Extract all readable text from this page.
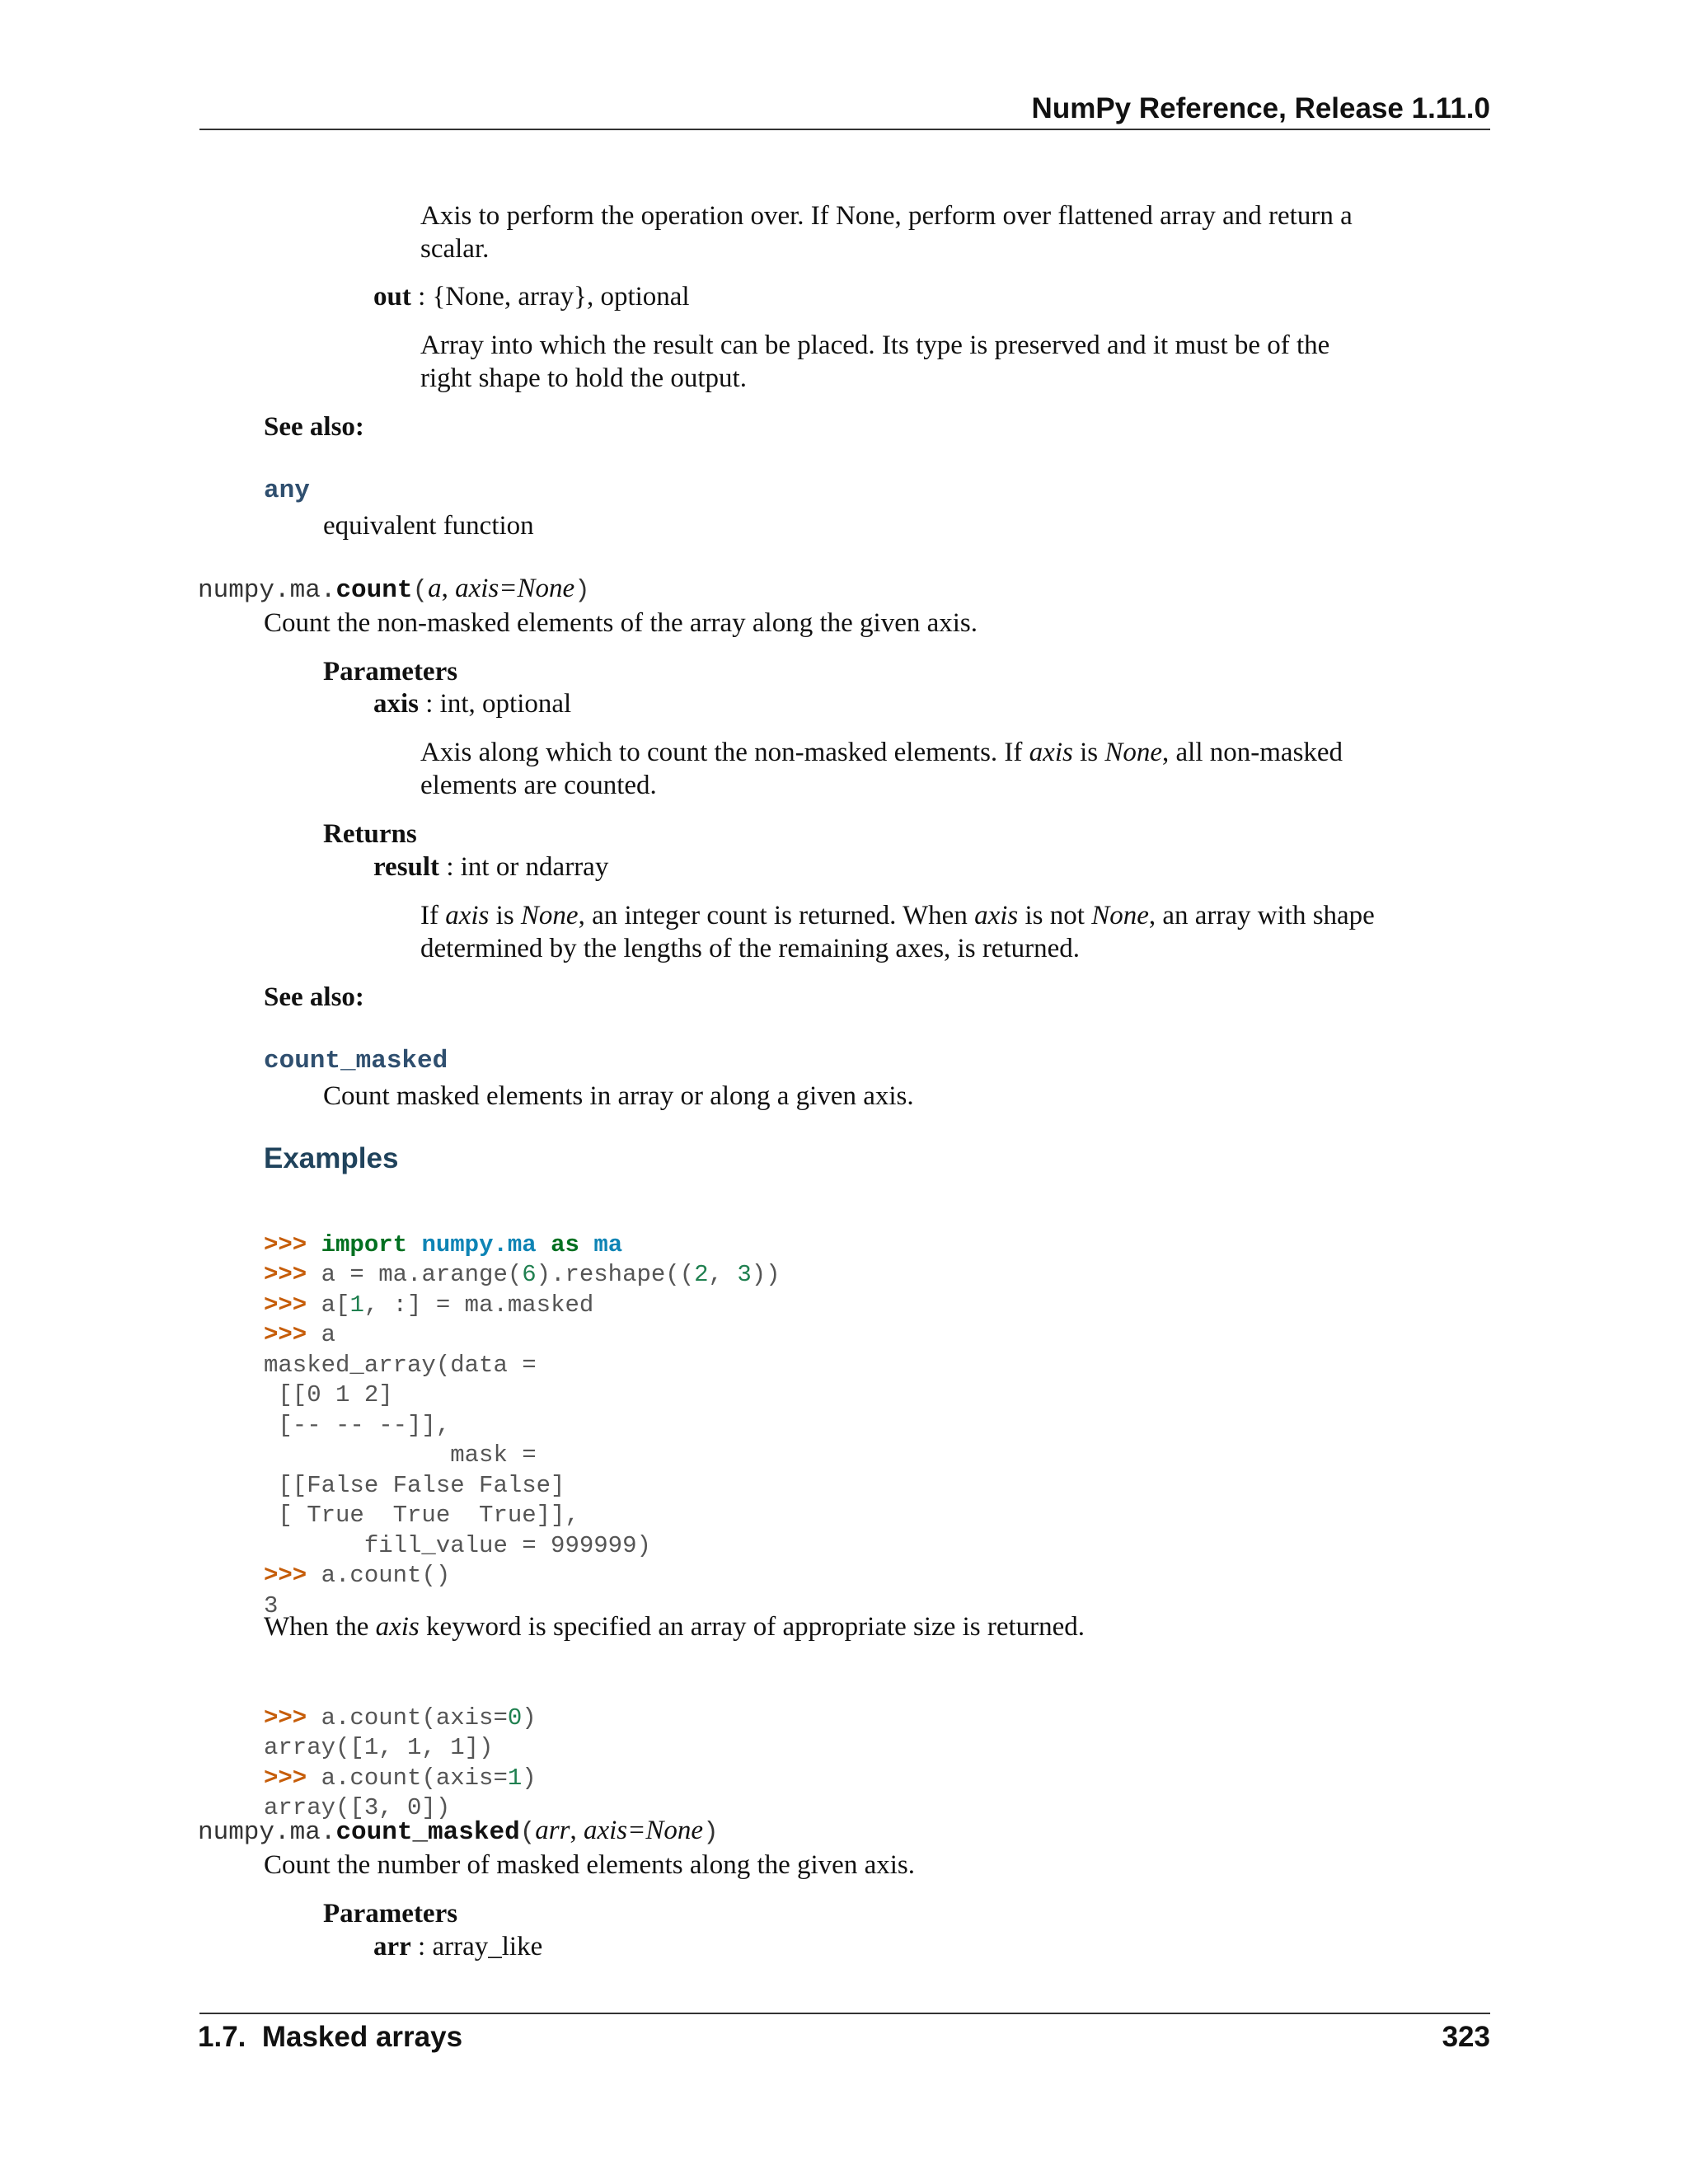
NumPy Reference, Release 1.11.0
Axis to perform the operation over. If None, perform over flattened array and return a
scalar.
out : {None, array}, optional
Array into which the result can be placed. Its type is preserved and it must be of the
right shape to hold the output.
See also:
any
equivalent function
numpy.ma.count(a, axis=None)
Count the non-masked elements of the array along the given axis.
Parameters
axis : int, optional
Axis along which to count the non-masked elements. If axis is None, all non-masked
elements are counted.
Returns
result : int or ndarray
If axis is None, an integer count is returned. When axis is not None, an array with shape
determined by the lengths of the remaining axes, is returned.
See also:
count_masked
Count masked elements in array or along a given axis.
Examples

>>> import numpy.ma as ma
>>> a = ma.arange(6).reshape((2, 3))
>>> a[1, :] = ma.masked
>>> a
masked_array(data =
[[0 1 2]
[-- -- --]],
mask =
[[False False False]
[ True  True  True]],
fill_value = 999999)
>>> a.count()
3
When the axis keyword is specified an array of appropriate size is returned.

>>> a.count(axis=0)
array([1, 1, 1])
>>> a.count(axis=1)
array([3, 0])
numpy.ma.count_masked(arr, axis=None)
Count the number of masked elements along the given axis.
Parameters
arr : array_like
1.7.  Masked arrays	323
